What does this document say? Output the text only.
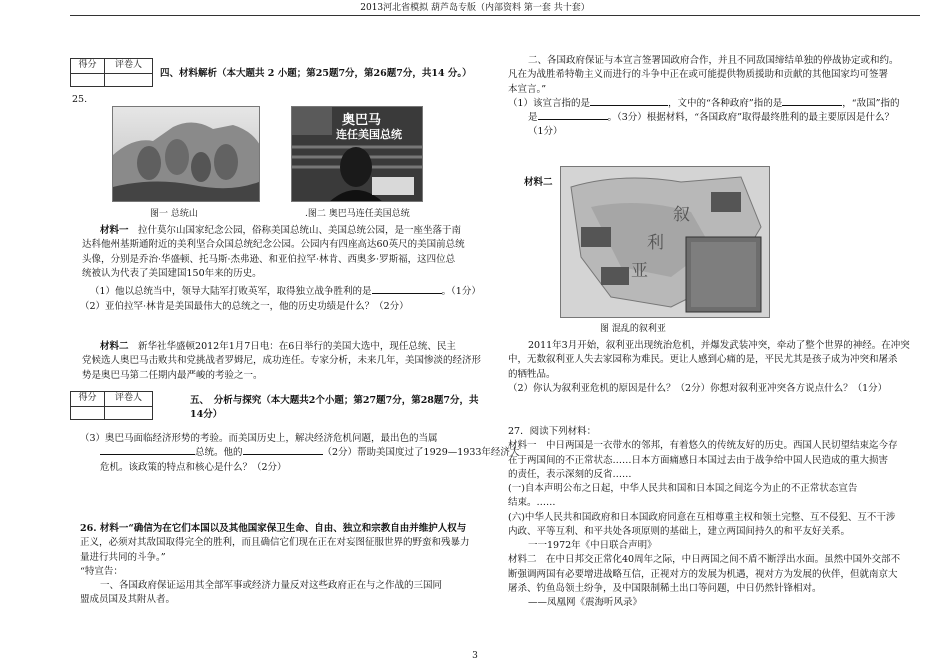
2013河北省模拟 葫芦岛专版（内部资料 第一套 共十套）
得分	评卷人

四、材料解析（本大题共 2 小题；第25题7分，第26题7分，共14 分。）
25.
奥巴马
连任美国总统
图一 总统山	.图二 奥巴马连任美国总统
材料一　 拉什莫尔山国家纪念公园，俗称美国总统山、美国总统公园，是一座坐落于南
达科他州基斯通附近的美利坚合众国总统纪念公园。公园内有四座高达60英尺的美国前总统
头像，分别是乔治·华盛顿、托马斯·杰弗逊、和亚伯拉罕·林肯、西奥多·罗斯福，这四位总
统被认为代表了美国建国150年来的历史。
（1）他以总统当中，领导大陆军打败英军，取得独立战争胜利的是	。（1分）
（2）亚伯拉罕·林肯是美国最伟大的总统之一，他的历史功绩是什么？（2分）
材料二　 新华社华盛顿2012年1月7日电：在6日举行的美国大选中，现任总统、民主
党候选人奥巴马击败共和党挑战者罗姆尼，成功连任。专家分析，未来几年，美国惨淡的经济形
势是奥巴马第二任期内最严峻的考验之一。
得分	评卷人
		五、　分析与探究（本大题共2个小题；第27题7分，第28题7分，共
14分）
（3）奥巴马面临经济形势的考验。而美国历史上，解决经济危机问题，最出色的当属
总统。他的	（2分）帮助美国度过了1929—1933年经济大
危机。该政策的特点和核心是什么？（2分）
26. 材料一“确信为在它们本国以及其他国家保卫生命、自由、独立和宗教自由并维护人权与
正义，必须对其敌国取得完全的胜利，而且确信它们现在正在对妄图征服世界的野蛮和残暴力
量进行共同的斗争。”
“特宣告：
一、各国政府保证运用其全部军事或经济力量反对这些政府正在与之作战的三国同
盟成员国及其附从者。
二、各国政府保证与本宣言签署国政府合作，并且不同敌国缔结单独的停战协定或和约。
凡在为战胜希特勒主义而进行的斗争中正在或可能提供物质援助和贡献的其他国家均可签署
本宣言。”
（1）该宣言指的是	，文中的“各种政府”指的是	，“敌国”指的
是	。（3分）根据材料，“各国政府”取得最终胜利的最主要原因是什么？
（1分）
材料二
叙
利
亚
图 混乱的叙利亚
2011年3月开始，叙利亚出现统治危机，并爆发武装冲突，牵动了整个世界的神经。在冲突
中，无数叙利亚人失去家园称为难民。更让人感到心痛的是，平民尤其是孩子成为冲突和屠杀
的牺牲品。
（2）你认为叙利亚危机的原因是什么？（2分）你想对叙利亚冲突各方说点什么？（1分）
27．阅读下列材料：
材料一　中日两国是一衣带水的邻邦，有着悠久的传统友好的历史。西国人民切望结束迄今存
在于两国间的不正常状态……日本方面痛感日本国过去由于战争给中国人民造成的重大损害
的责任，表示深刻的反省……
(一)自本声明公布之日起，中华人民共和国和日本国之间迄今为止的不正常状态宣告
结束。……
(六)中华人民共和国政府和日本国政府同意在互相尊重主权和领土完整、互不侵犯、互不干涉
内政、平等互利、和平共处各项原则的基础上，建立两国间持久的和平友好关系。
一一1972年《中日联合声明》
材料二　在中日邦交正常化40周年之际，中日两国之间不盾不断浮出水面。虽然中国外交部不
断强调两国有必要增进战略互信，正视对方的发展为机遇，视对方为发展的伙伴，但就南京大
屠杀、钓鱼岛领土纷争，及中国限制稀土出口等问题，中日仍然针锋相对。
——凤凰网《震海听风录》
3
